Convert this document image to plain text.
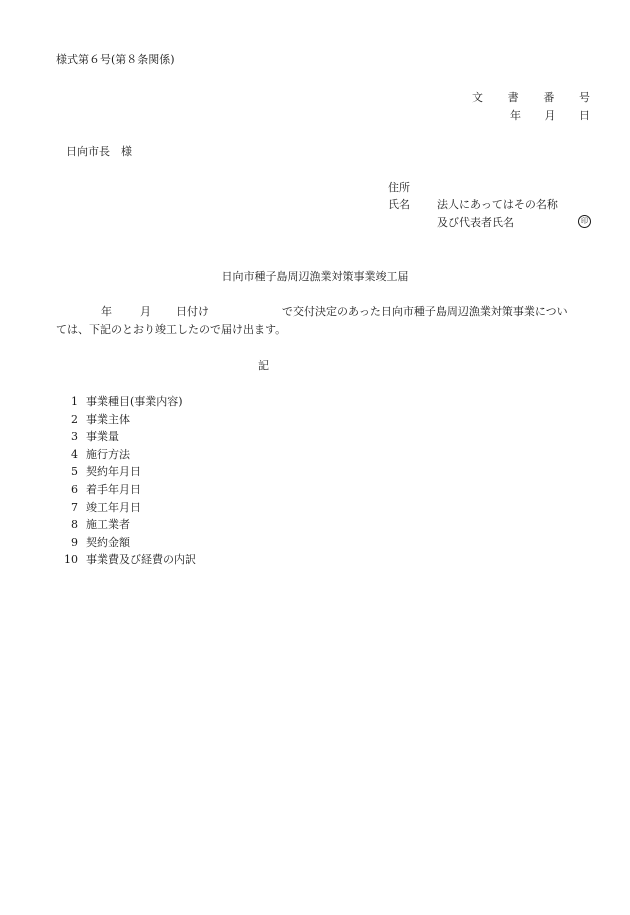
様式第６号(第８条関係)
文 書 番 号
年 月 日
日向市長　様
住所
氏名 法人にあってはその名称
及び代表者氏名	印
日向市種子島周辺漁業対策事業竣工届
年	月 日付け	で交付決定のあった日向市種子島周辺漁業対策事業につい
ては、下記のとおり竣工したので届け出ます。
記
1 事業種目(事業内容)
2 事業主体
3 事業量
4 施行方法
5 契約年月日
6 着手年月日
7 竣工年月日
8 施工業者
9 契約金額
10 事業費及び経費の内訳
